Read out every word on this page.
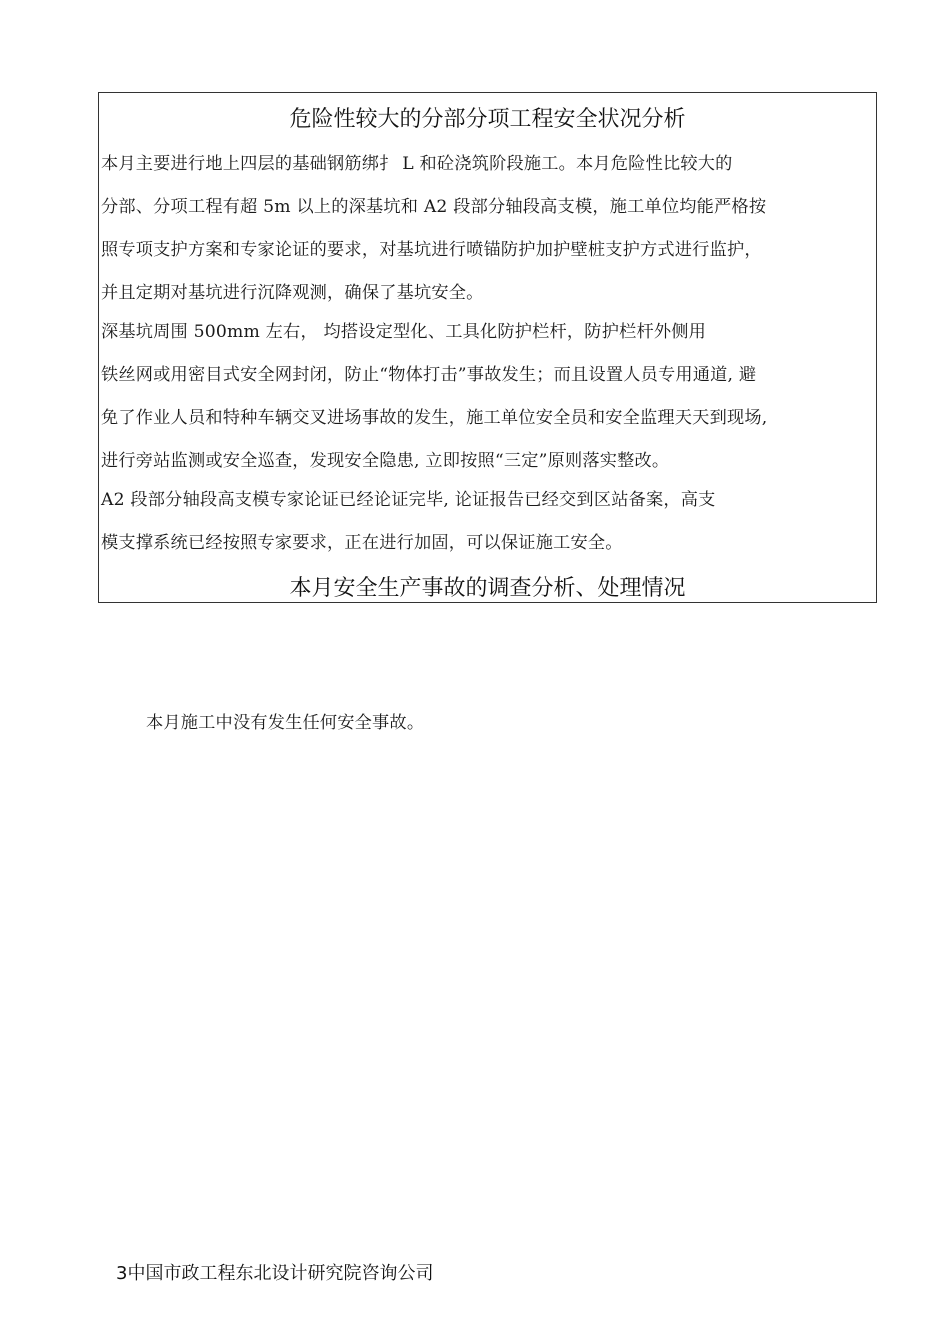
危险性较大的分部分项工程安全状况分析
本月主要进行地上四层的基础钢筋绑扌 L 和砼浇筑阶段施工。本月危险性比较大的
分部、分项工程有超 5m 以上的深基坑和 A2 段部分轴段高支模，施工单位均能严格按
照专项支护方案和专家论证的要求，对基坑进行喷锚防护加护壁桩支护方式进行监护，
并且定期对基坑进行沉降观测，确保了基坑安全。
深基坑周围 500mm 左右， 均搭设定型化、工具化防护栏杆，防护栏杆外侧用
铁丝网或用密目式安全网封闭，防止“物体打击”事故发生；而且设置人员专用通道, 避
免了作业人员和特种车辆交叉进场事故的发生，施工单位安全员和安全监理天天到现场,
进行旁站监测或安全巡查，发现安全隐患, 立即按照“三定”原则落实整改。
A2 段部分轴段高支模专家论证已经论证完毕, 论证报告已经交到区站备案，高支
模支撑系统已经按照专家要求，正在进行加固，可以保证施工安全。
本月安全生产事故的调查分析、处理情况
本月施工中没有发生任何安全事故。
3中国市政工程东北设计研究院咨询公司
